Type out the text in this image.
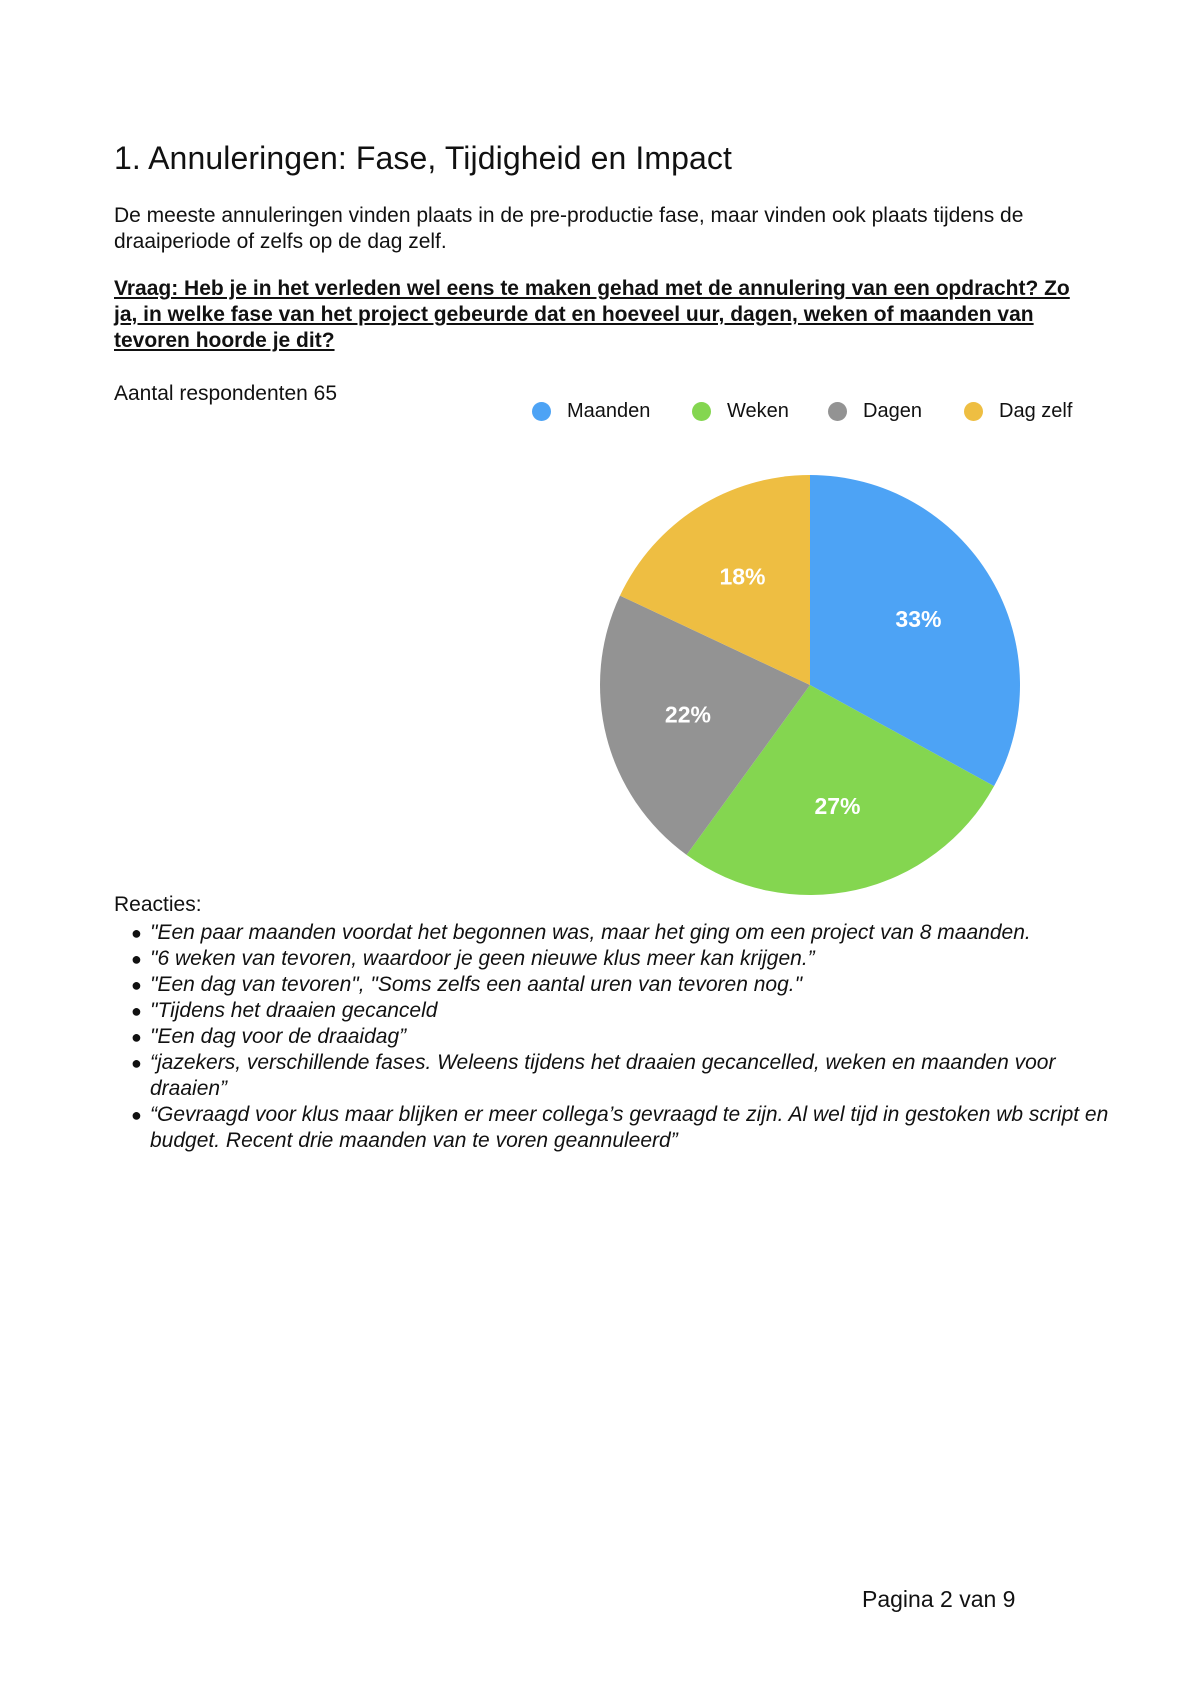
1. Annuleringen: Fase, Tijdigheid en Impact

De meeste annuleringen vinden plaats in de pre-productie fase, maar vinden ook plaats tijdens de draaiperiode of zelfs op de dag zelf.

Vraag: Heb je in het verleden wel eens te maken gehad met de annulering van een opdracht? Zo ja, in welke fase van het project gebeurde dat en hoeveel uur, dagen, weken of maanden van tevoren hoorde je dit?

Aantal respondenten 65
Maanden	Weken	Dagen	Dag zelf
33%
27%
22%
18%
Reacties:
● "Een paar maanden voordat het begonnen was, maar het ging om een project van 8 maanden.
● "6 weken van tevoren, waardoor je geen nieuwe klus meer kan krijgen.”
● "Een dag van tevoren", "Soms zelfs een aantal uren van tevoren nog."
● "Tijdens het draaien gecanceld
● "Een dag voor de draaidag”
● “jazekers, verschillende fases. Weleens tijdens het draaien gecancelled, weken en maanden voor draaien”
● “Gevraagd voor klus maar blijken er meer collega’s gevraagd te zijn. Al wel tijd in gestoken wb script en budget. Recent drie maanden van te voren geannuleerd”
Pagina 2 van 9
